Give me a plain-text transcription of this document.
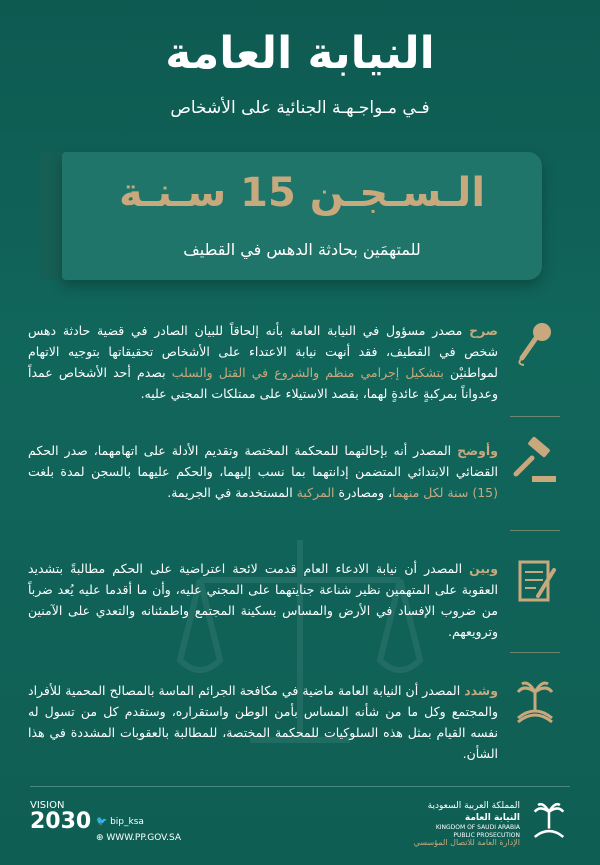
النيابة العامة
فـي مـواجـهـة الجنائية على الأشخاص
الـسـجـن 15 سـنـة
للمتهمَين بحادثة الدهس في القطيف
صرح مصدر مسؤول في النيابة العامة بأنه إلحاقاً للبيان الصادر في قضية حادثة دهس شخص في القطيف، فقد أنهت نيابة الاعتداء على الأشخاص تحقيقاتها بتوجيه الاتهام لمواطنيْن بتشكيل إجرامي منظم والشروع في القتل والسلب بصدم أحد الأشخاص عمداً وعدواناً بمركبةٍ عائدةٍ لهما، بقصد الاستيلاء على ممتلكات المجني عليه.
وأوضح المصدر أنه بإحالتهما للمحكمة المختصة وتقديم الأدلة على اتهامهما، صدر الحكم القضائي الابتدائي المتضمن إدانتهما بما نسب إليهما، والحكم عليهما بالسجن لمدة بلغت (15) سنة لكل منهما، ومصادرة المركبة المستخدمة في الجريمة.
وبين المصدر أن نيابة الادعاء العام قدمت لائحة اعتراضية على الحكم مطالبةً بتشديد العقوبة على المتهمين نظير شناعة جنايتهما على المجني عليه، وأن ما أقدما عليه يُعد ضرباً من ضروب الإفساد في الأرض والمساس بسكينة المجتمع واطمئنانه والتعدي على الآمنين وترويعهم.
وشدد المصدر أن النيابة العامة ماضية في مكافحة الجرائم الماسة بالمصالح المحمية للأفراد والمجتمع وكل ما من شأنه المساس بأمن الوطن واستقراره، وستقدم كل من تسول له نفسه القيام بمثل هذه السلوكيات للمحكمة المختصة، للمطالبة بالعقوبات المشددة في هذا الشأن.
VISION
2030 🐦 bip_ksa
⊕ WWW.PP.GOV.SA
المملكة العربية السعودية
النيابة العامة
KINGDOM OF SAUDI ARABIA PUBLIC PROSECUTION
الإدارة العامة للاتصال المؤسسي
